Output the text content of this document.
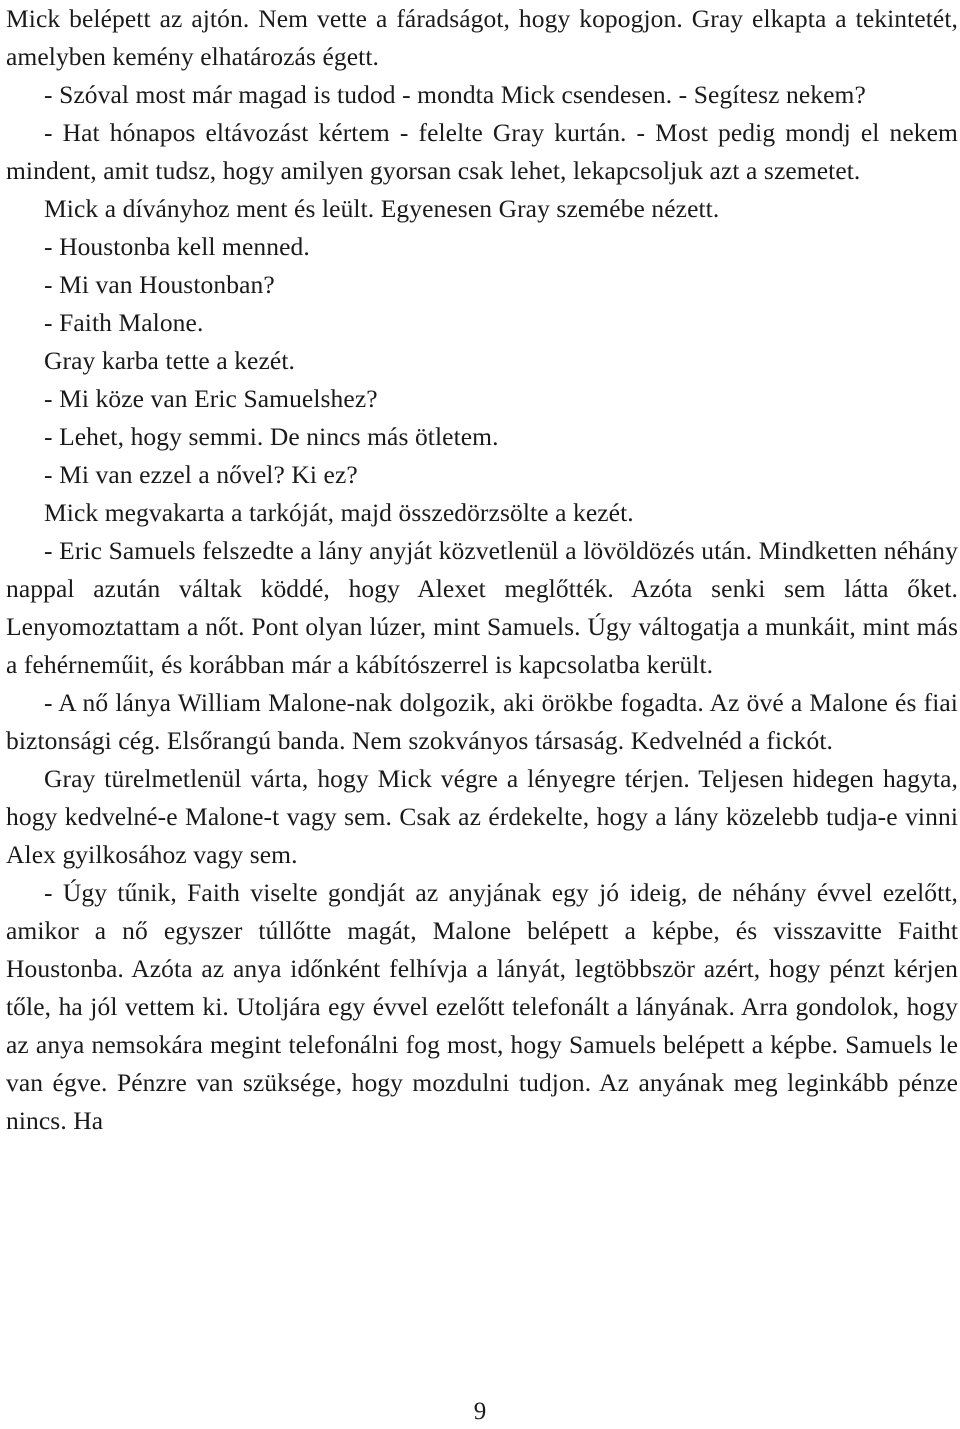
Mick belépett az ajtón. Nem vette a fáradságot, hogy kopogjon. Gray elkapta a tekintetét, amelyben kemény elhatározás égett.

- Szóval most már magad is tudod - mondta Mick csendesen. - Segítesz nekem?

- Hat hónapos eltávozást kértem - felelte Gray kurtán. - Most pedig mondj el nekem mindent, amit tudsz, hogy amilyen gyorsan csak lehet, lekapcsoljuk azt a szemetet.

Mick a díványhoz ment és leült. Egyenesen Gray szemébe nézett.

- Houstonba kell menned.

- Mi van Houstonban?

- Faith Malone.

Gray karba tette a kezét.

- Mi köze van Eric Samuelshez?

- Lehet, hogy semmi. De nincs más ötletem.

- Mi van ezzel a nővel? Ki ez?

Mick megvakarta a tarkóját, majd összedörzsölte a kezét.

- Eric Samuels felszedte a lány anyját közvetlenül a lövöldözés után. Mindketten néhány nappal azután váltak köddé, hogy Alexet meglőtték. Azóta senki sem látta őket. Lenyomoztattam a nőt. Pont olyan lúzer, mint Samuels. Úgy váltogatja a munkáit, mint más a fehérneműit, és korábban már a kábítószerrel is kapcsolatba került.

- A nő lánya William Malone-nak dolgozik, aki örökbe fogadta. Az övé a Malone és fiai biztonsági cég. Elsőrangú banda. Nem szokványos társaság. Kedvelnéd a fickót.

Gray türelmetlenül várta, hogy Mick végre a lényegre térjen. Teljesen hidegen hagyta, hogy kedvelné-e Malone-t vagy sem. Csak az érdekelte, hogy a lány közelebb tudja-e vinni Alex gyilkosához vagy sem.

- Úgy tűnik, Faith viselte gondját az anyjának egy jó ideig, de néhány évvel ezelőtt, amikor a nő egyszer túllőtte magát, Malone belépett a képbe, és visszavitte Faitht Houstonba. Azóta az anya időnként felhívja a lányát, legtöbbször azért, hogy pénzt kérjen tőle, ha jól vettem ki. Utoljára egy évvel ezelőtt telefonált a lányának. Arra gondolok, hogy az anya nemsokára megint telefonálni fog most, hogy Samuels belépett a képbe. Samuels le van égve. Pénzre van szüksége, hogy mozdulni tudjon. Az anyának meg leginkább pénze nincs. Ha

9
